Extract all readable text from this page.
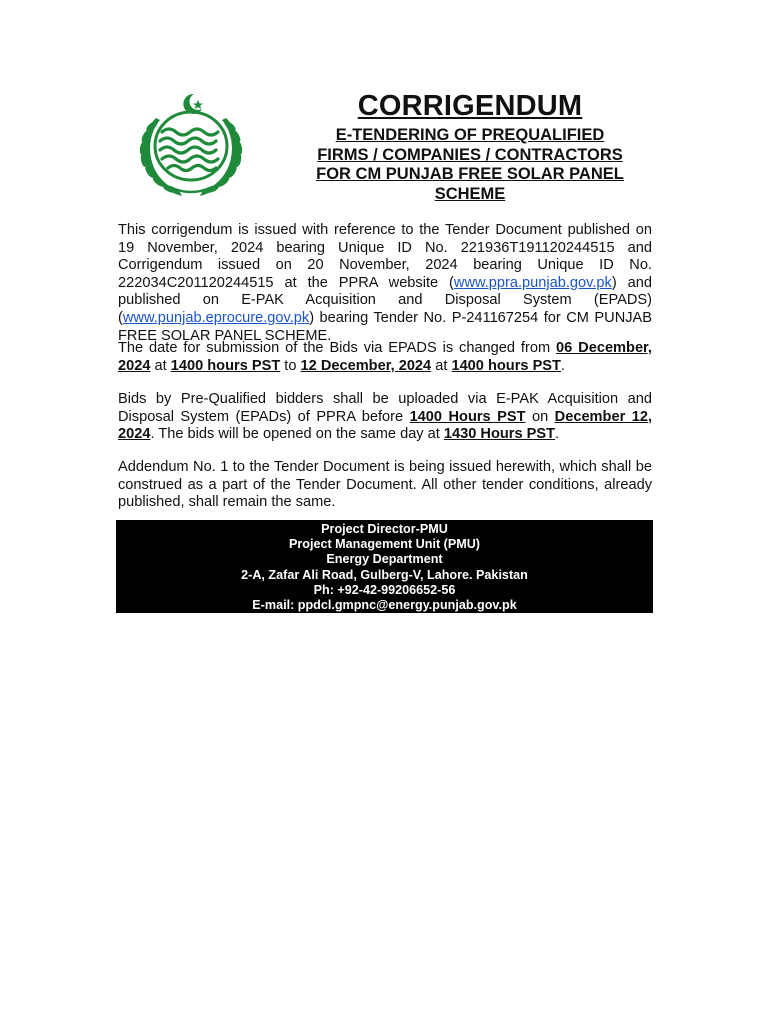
CORRIGENDUM
E-TENDERING OF PREQUALIFIED
FIRMS / COMPANIES / CONTRACTORS
FOR CM PUNJAB FREE SOLAR PANEL
SCHEME

This corrigendum is issued with reference to the Tender Document published on 19 November, 2024 bearing Unique ID No. 221936T191120244515 and Corrigendum issued on 20 November, 2024 bearing Unique ID No. 222034C201120244515 at the PPRA website (www.ppra.punjab.gov.pk) and published on E-PAK Acquisition and Disposal System (EPADS) (www.punjab.eprocure.gov.pk) bearing Tender No. P-241167254 for CM PUNJAB FREE SOLAR PANEL SCHEME.

The date for submission of the Bids via EPADS is changed from 06 December, 2024 at 1400 hours PST to 12 December, 2024 at 1400 hours PST.

Bids by Pre-Qualified bidders shall be uploaded via E-PAK Acquisition and Disposal System (EPADs) of PPRA before 1400 Hours PST on December 12, 2024. The bids will be opened on the same day at 1430 Hours PST.

Addendum No. 1 to the Tender Document is being issued herewith, which shall be construed as a part of the Tender Document. All other tender conditions, already published, shall remain the same.

Project Director-PMU
Project Management Unit (PMU)
Energy Department
2-A, Zafar Ali Road, Gulberg-V, Lahore. Pakistan
Ph: +92-42-99206652-56
E-mail: ppdcl.gmpnc@energy.punjab.gov.pk
